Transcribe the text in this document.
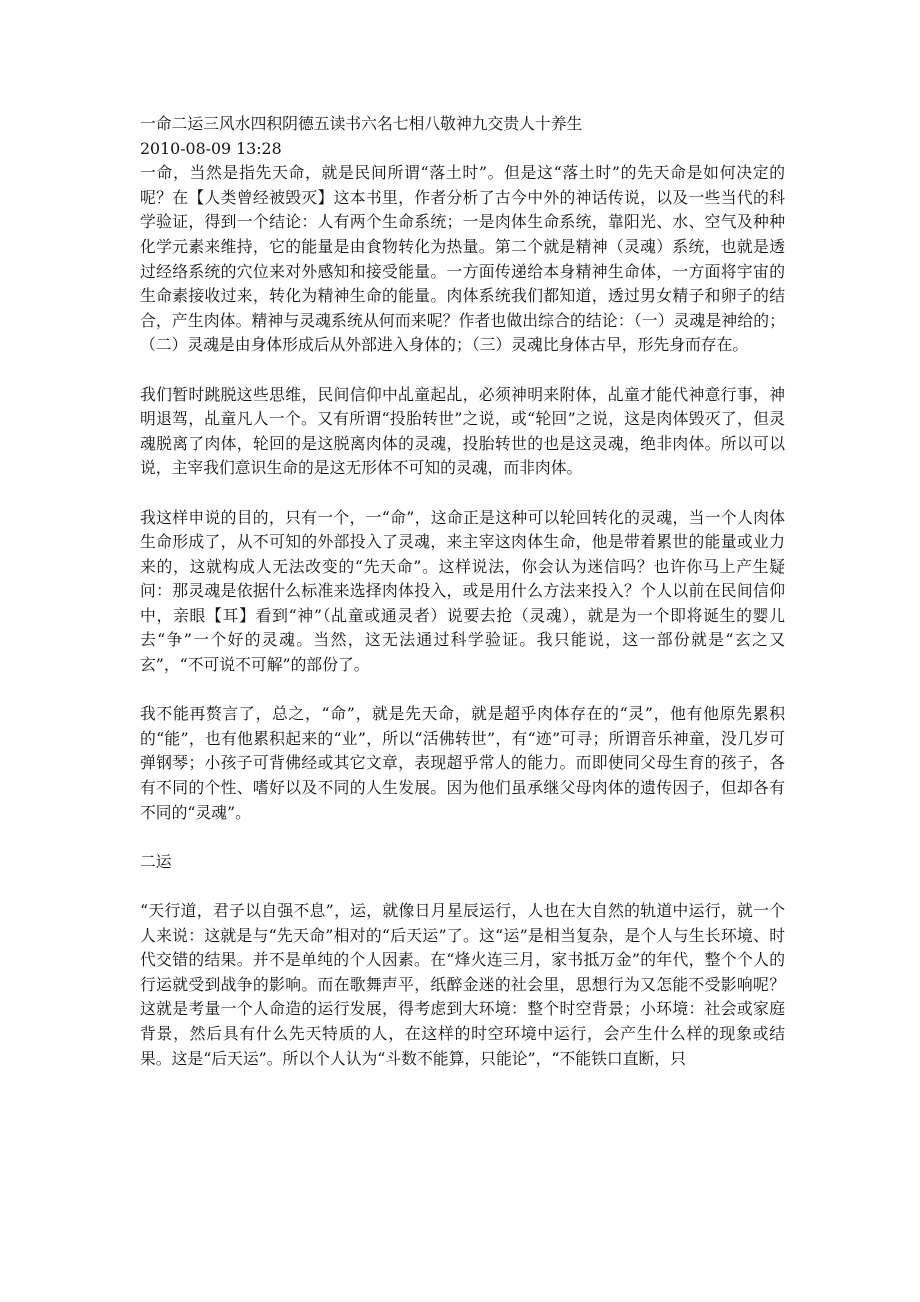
一命二运三风水四积阴德五读书六名七相八敬神九交贵人十养生
2010-08-09 13:28

一命，当然是指先天命，就是民间所谓“落土时”。但是这“落土时”的先天命是如何决定的呢？在【人类曾经被毁灭】这本书里，作者分析了古今中外的神话传说，以及一些当代的科学验证，得到一个结论：人有两个生命系统；一是肉体生命系统，靠阳光、水、空气及种种化学元素来维持，它的能量是由食物转化为热量。第二个就是精神（灵魂）系统，也就是透过经络系统的穴位来对外感知和接受能量。一方面传递给本身精神生命体，一方面将宇宙的生命素接收过来，转化为精神生命的能量。肉体系统我们都知道，透过男女精子和卵子的结合，产生肉体。精神与灵魂系统从何而来呢？作者也做出综合的结论：（一）灵魂是神给的；（二）灵魂是由身体形成后从外部进入身体的；（三）灵魂比身体古早，形先身而存在。

我们暂时跳脱这些思维，民间信仰中乩童起乩，必须神明来附体，乩童才能代神意行事，神明退驾，乩童凡人一个。又有所谓“投胎转世”之说，或“轮回”之说，这是肉体毁灭了，但灵魂脱离了肉体，轮回的是这脱离肉体的灵魂，投胎转世的也是这灵魂，绝非肉体。所以可以说，主宰我们意识生命的是这无形体不可知的灵魂，而非肉体。

我这样申说的目的，只有一个，一“命”，这命正是这种可以轮回转化的灵魂，当一个人肉体生命形成了，从不可知的外部投入了灵魂，来主宰这肉体生命，他是带着累世的能量或业力来的，这就构成人无法改变的“先天命”。这样说法，你会认为迷信吗？也许你马上产生疑问：那灵魂是依据什么标准来选择肉体投入，或是用什么方法来投入？个人以前在民间信仰中，亲眼【耳】看到“神”（乩童或通灵者）说要去抢（灵魂），就是为一个即将诞生的婴儿去“争”一个好的灵魂。当然，这无法通过科学验证。我只能说，这一部份就是“玄之又玄”，“不可说不可解”的部份了。

我不能再赘言了，总之，“命”，就是先天命，就是超乎肉体存在的“灵”，他有他原先累积的“能”，也有他累积起来的“业”，所以“活佛转世”，有“迹”可寻；所谓音乐神童，没几岁可弹钢琴；小孩子可背佛经或其它文章，表现超乎常人的能力。而即使同父母生育的孩子，各有不同的个性、嗜好以及不同的人生发展。因为他们虽承继父母肉体的遗传因子，但却各有不同的“灵魂”。

二运

“天行道，君子以自强不息”，运，就像日月星辰运行，人也在大自然的轨道中运行，就一个人来说：这就是与“先天命”相对的“后天运”了。这“运”是相当复杂，是个人与生长环境、时代交错的结果。并不是单纯的个人因素。在“烽火连三月，家书抵万金”的年代，整个个人的行运就受到战争的影响。而在歌舞声平，纸醉金迷的社会里，思想行为又怎能不受影响呢？这就是考量一个人命造的运行发展，得考虑到大环境：整个时空背景；小环境：社会或家庭背景，然后具有什么先天特质的人，在这样的时空环境中运行，会产生什么样的现象或结果。这是“后天运”。所以个人认为“斗数不能算，只能论”，“不能铁口直断，只
